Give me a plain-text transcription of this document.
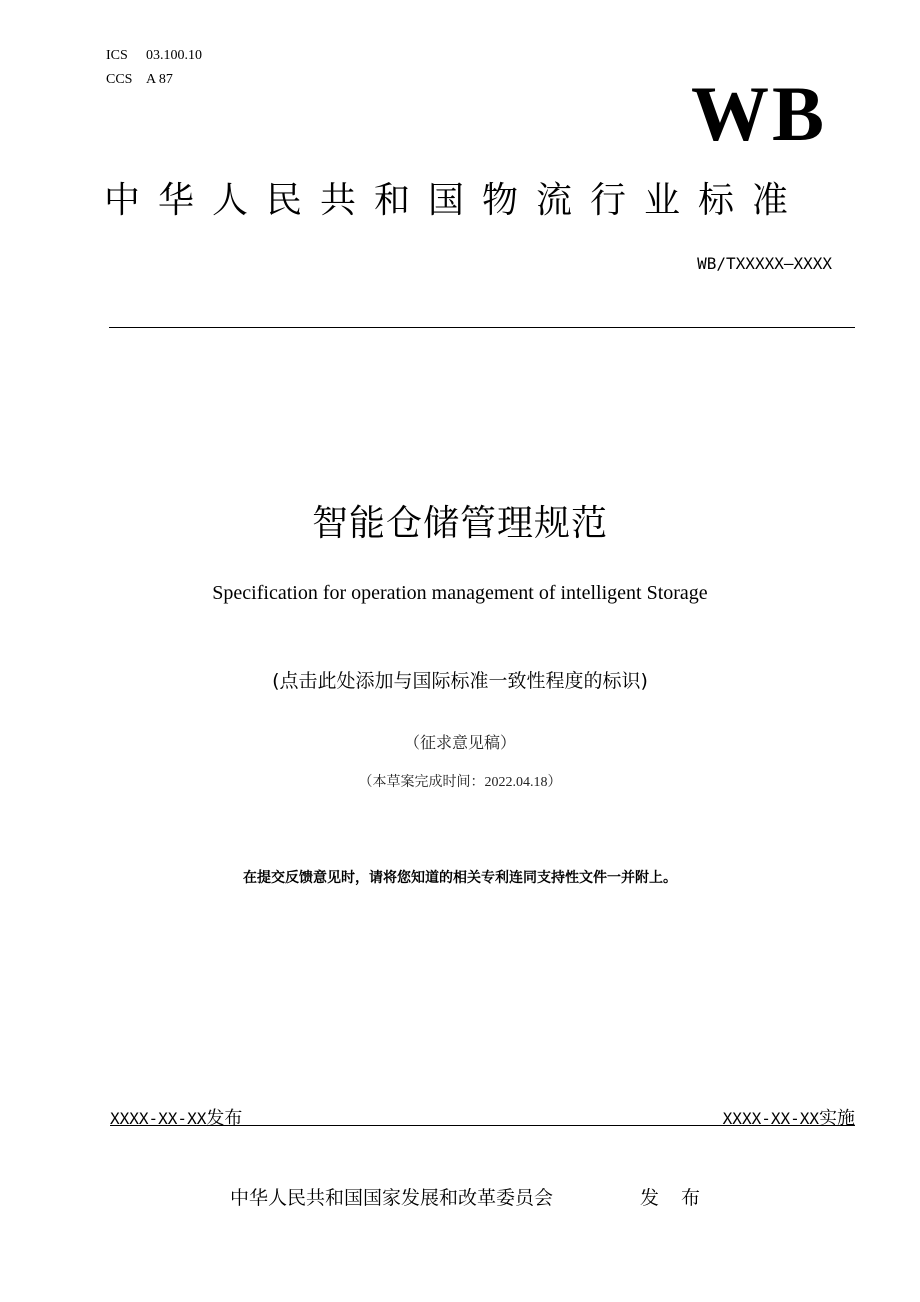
ICS 03.100.10
CCS A 87	WB
中华人民共和国物流行业标准
WB/TXXXXX—XXXX
智能仓储管理规范
Specification for operation management of intelligent Storage
(点击此处添加与国际标准一致性程度的标识)
（征求意见稿）
（本草案完成时间：2022.04.18）
在提交反馈意见时，请将您知道的相关专利连同支持性文件一并附上。
XXXX-XX-XX发布	XXXX-XX-XX实施
中华人民共和国国家发展和改革委员会	发 布
